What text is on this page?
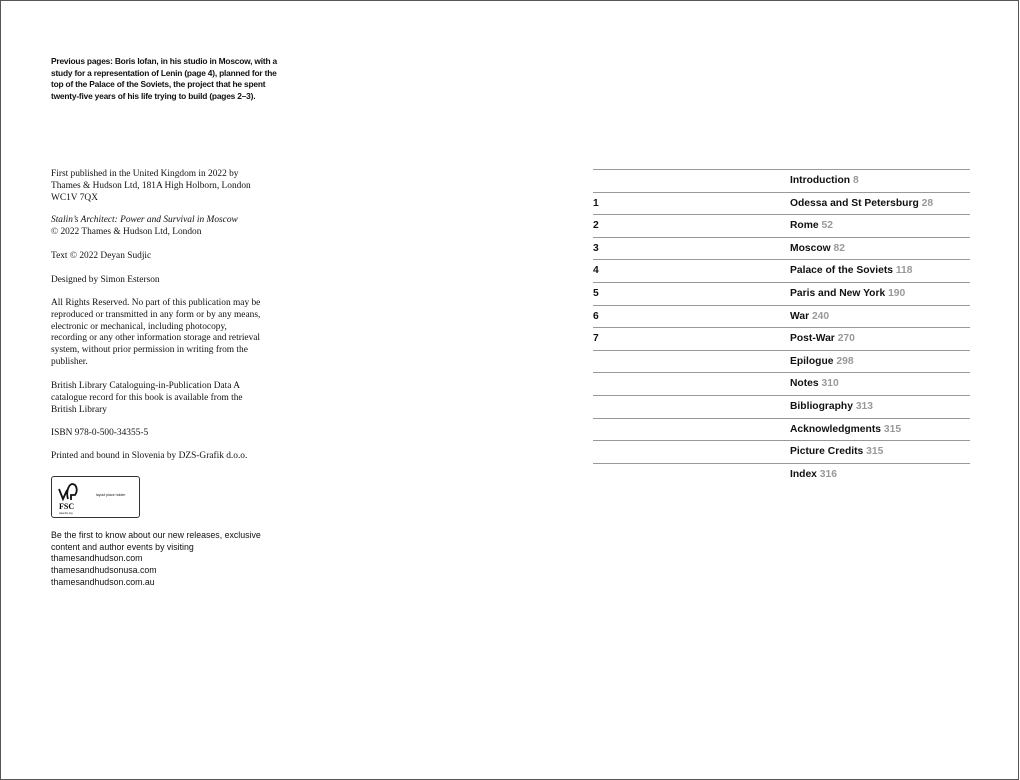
Previous pages: Boris Iofan, in his studio in Moscow, with a study for a representation of Lenin (page 4), planned for the top of the Palace of the Soviets, the project that he spent twenty-five years of his life trying to build (pages 2–3).
First published in the United Kingdom in 2022 by Thames & Hudson Ltd, 181A High Holborn, London WC1V 7QX
Stalin’s Architect: Power and Survival in Moscow
© 2022 Thames & Hudson Ltd, London
Text © 2022 Deyan Sudjic
Designed by Simon Esterson
All Rights Reserved. No part of this publication may be reproduced or transmitted in any form or by any means, electronic or mechanical, including photocopy, recording or any other information storage and retrieval system, without prior permission in writing from the publisher.
British Library Cataloguing-in-Publication Data A catalogue record for this book is available from the British Library
ISBN 978-0-500-34355-5
Printed and bound in Slovenia by DZS-Grafik d.o.o.
FSC
www.fsc.org
layout place holder
Be the first to know about our new releases, exclusive content and author events by visiting
thamesandhudson.com
thamesandhudsonusa.com
thamesandhudson.com.au
Introduction 8
1	Odessa and St Petersburg 28
2	Rome 52
3	Moscow 82
4	Palace of the Soviets 118
5	Paris and New York 190
6	War 240
7	Post-War 270
Epilogue 298
Notes 310
Bibliography 313
Acknowledgments 315
Picture Credits 315
Index 316
